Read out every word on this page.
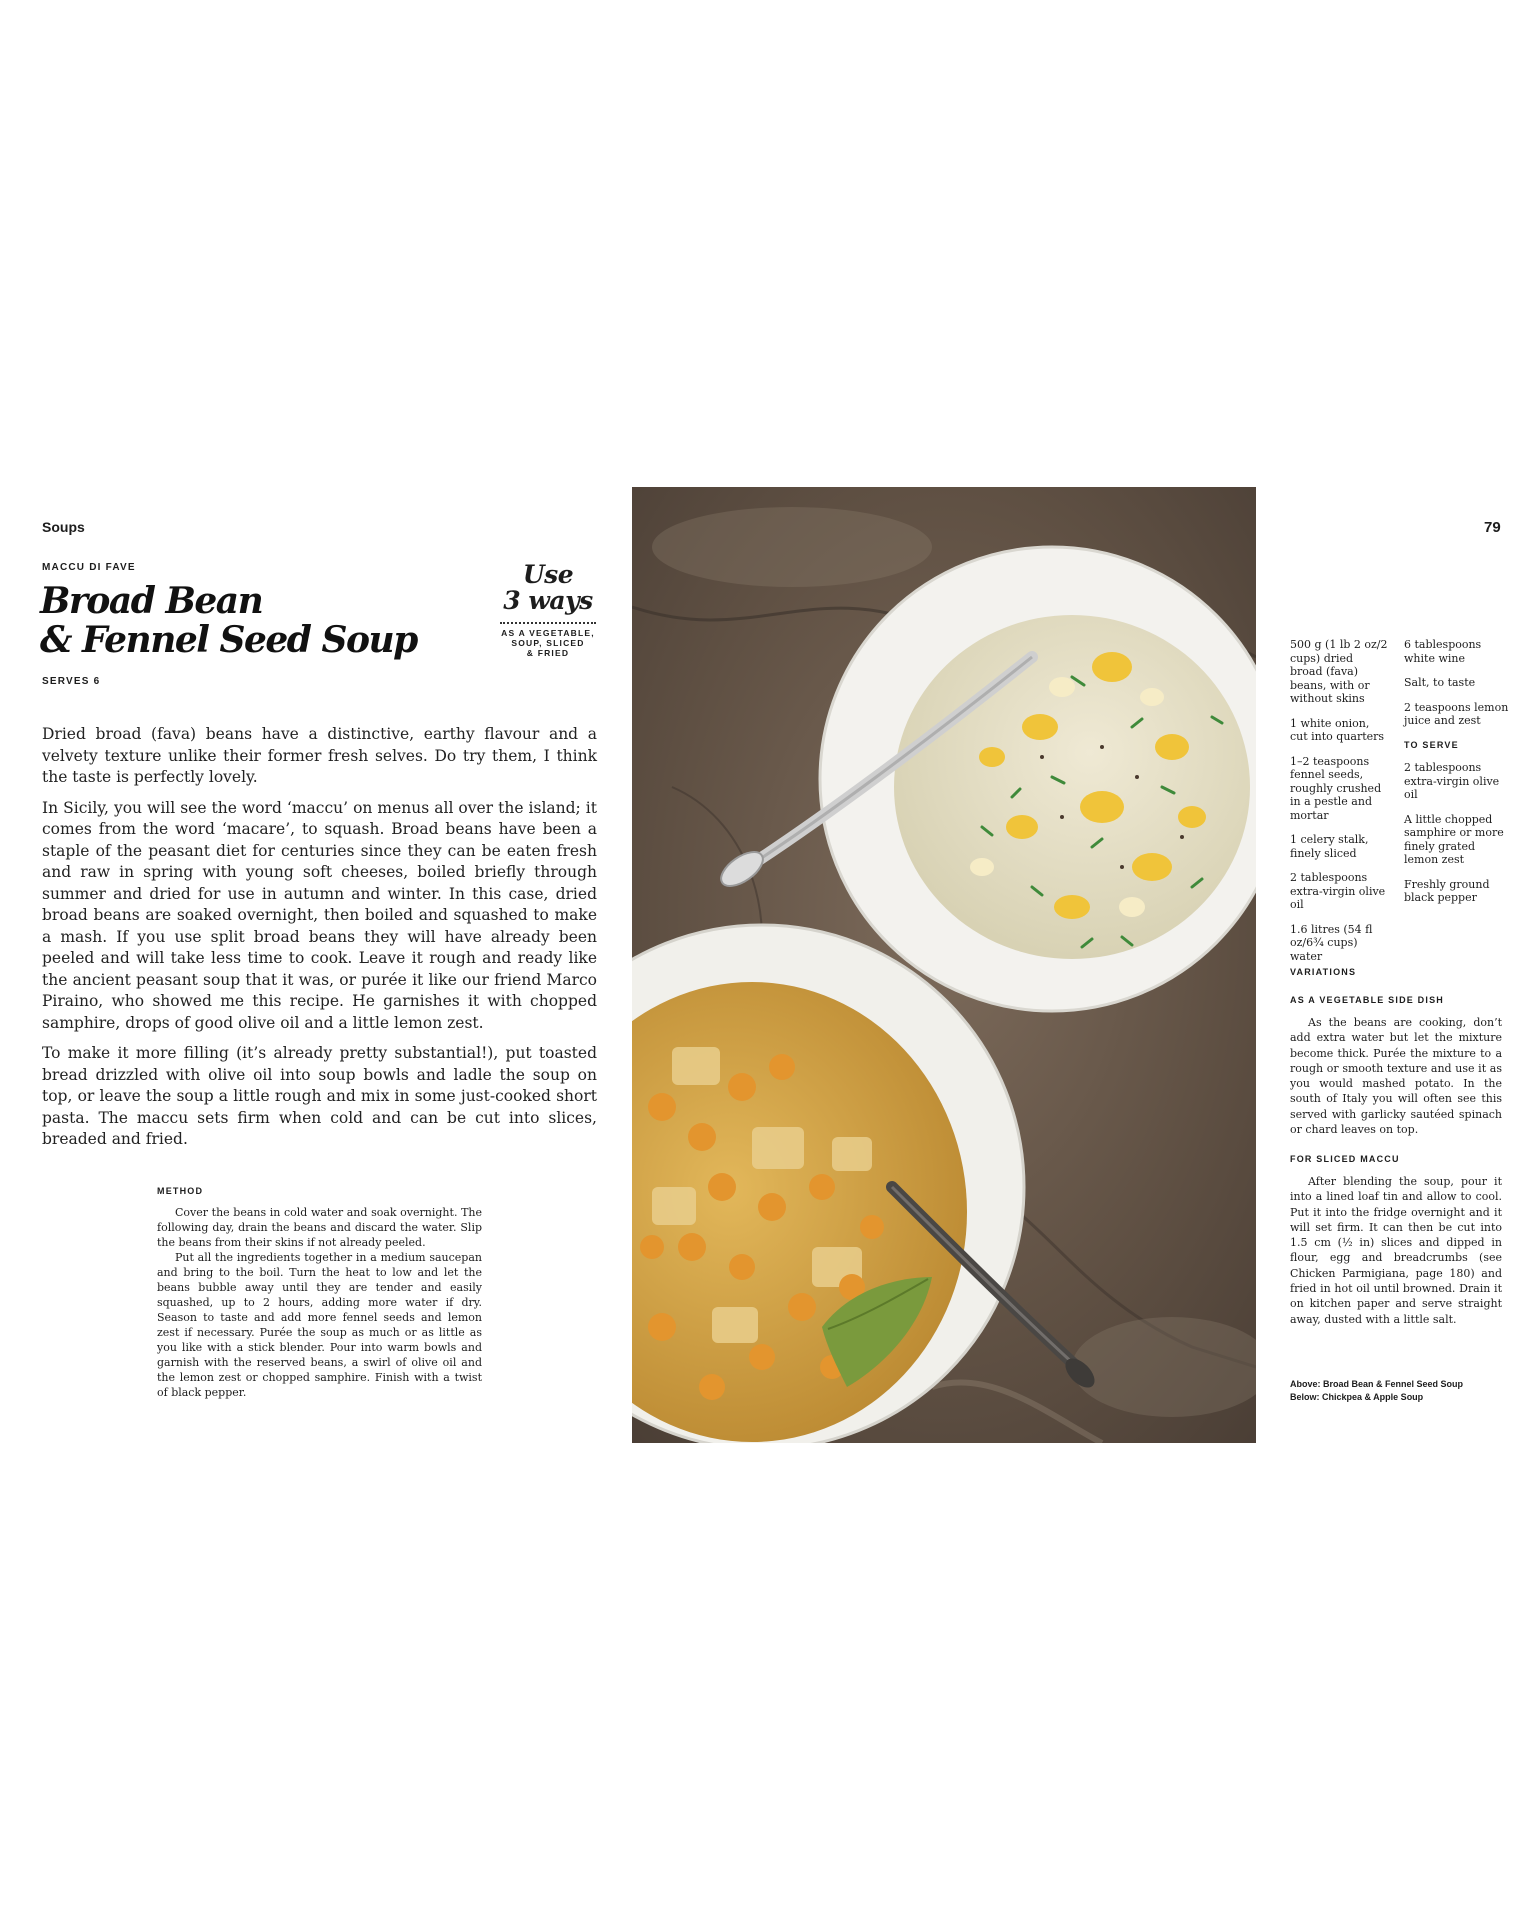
Soups
MACCU DI FAVE
Broad Bean
& Fennel Seed Soup
SERVES 6
Use
3 ways
AS A VEGETABLE,
SOUP, SLICED
& FRIED

Dried broad (fava) beans have a distinctive, earthy flavour and a velvety texture unlike their former fresh selves. Do try them, I think the taste is perfectly lovely.

In Sicily, you will see the word ‘maccu’ on menus all over the island; it comes from the word ‘macare’, to squash. Broad beans have been a staple of the peasant diet for centuries since they can be eaten fresh and raw in spring with young soft cheeses, boiled briefly through summer and dried for use in autumn and winter. In this case, dried broad beans are soaked overnight, then boiled and squashed to make a mash. If you use split broad beans they will have already been peeled and will take less time to cook. Leave it rough and ready like the ancient peasant soup that it was, or purée it like our friend Marco Piraino, who showed me this recipe. He garnishes it with chopped samphire, drops of good olive oil and a little lemon zest.

To make it more filling (it’s already pretty substantial!), put toasted bread drizzled with olive oil into soup bowls and ladle the soup on top, or leave the soup a little rough and mix in some just-cooked short pasta. The maccu sets firm when cold and can be cut into slices, breaded and fried.

METHOD

Cover the beans in cold water and soak overnight. The following day, drain the beans and discard the water. Slip the beans from their skins if not already peeled.

Put all the ingredients together in a medium saucepan and bring to the boil. Turn the heat to low and let the beans bubble away until they are tender and easily squashed, up to 2 hours, adding more water if dry. Season to taste and add more fennel seeds and lemon zest if necessary. Purée the soup as much or as little as you like with a stick blender. Pour into warm bowls and garnish with the reserved beans, a swirl of olive oil and the lemon zest or chopped samphire. Finish with a twist of black pepper.

79
500 g (1 lb 2 oz/2 cups) dried broad (fava) beans, with or without skins
1 white onion, cut into quarters
1–2 teaspoons fennel seeds, roughly crushed in a pestle and mortar
1 celery stalk, finely sliced
2 tablespoons extra-virgin olive oil
1.6 litres (54 fl oz/6¾ cups) water
6 tablespoons white wine
Salt, to taste
2 teaspoons lemon juice and zest
TO SERVE
2 tablespoons extra-virgin olive oil
A little chopped samphire or more finely grated lemon zest
Freshly ground black pepper
VARIATIONS
AS A VEGETABLE SIDE DISH
As the beans are cooking, don’t add extra water but let the mixture become thick. Purée the mixture to a rough or smooth texture and use it as you would mashed potato. In the south of Italy you will often see this served with garlicky sautéed spinach or chard leaves on top.
FOR SLICED MACCU
After blending the soup, pour it into a lined loaf tin and allow to cool. Put it into the fridge overnight and it will set firm. It can then be cut into 1.5 cm (½ in) slices and dipped in flour, egg and breadcrumbs (see Chicken Parmigiana, page 180) and fried in hot oil until browned. Drain it on kitchen paper and serve straight away, dusted with a little salt.
Above: Broad Bean & Fennel Seed Soup
Below: Chickpea & Apple Soup
